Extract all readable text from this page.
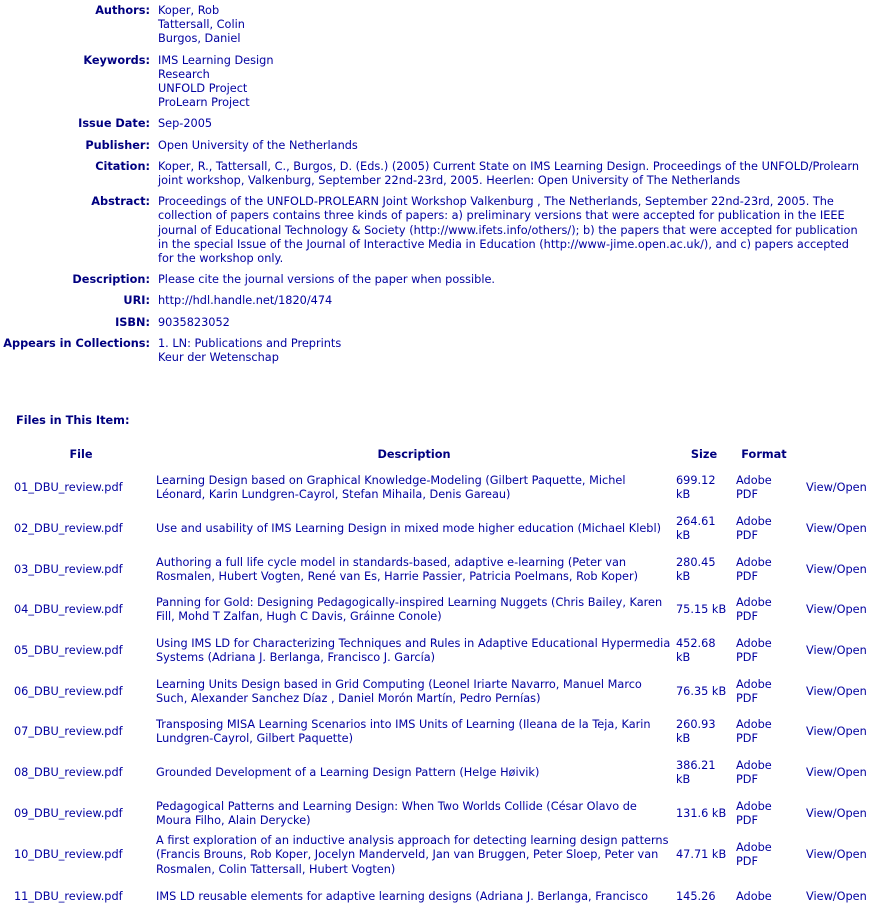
Authors:	Koper, Rob
Tattersall, Colin
Burgos, Daniel

Keywords:	IMS Learning Design
Research
UNFOLD Project
ProLearn Project

Issue Date:	Sep-2005

Publisher:	Open University of the Netherlands

Citation:	Koper, R., Tattersall, C., Burgos, D. (Eds.) (2005) Current State on IMS Learning Design. Proceedings of the UNFOLD/Prolearn joint workshop, Valkenburg, September 22nd-23rd, 2005. Heerlen: Open University of The Netherlands

Abstract:	Proceedings of the UNFOLD-PROLEARN Joint Workshop Valkenburg , The Netherlands, September 22nd-23rd, 2005. The collection of papers contains three kinds of papers: a) preliminary versions that were accepted for publication in the IEEE journal of Educational Technology & Society (http://www.ifets.info/others/); b) the papers that were accepted for publication in the special Issue of the Journal of Interactive Media in Education (http://www-jime.open.ac.uk/), and c) papers accepted for the workshop only.

Description:	Please cite the journal versions of the paper when possible.

URI:	http://hdl.handle.net/1820/474

ISBN:	9035823052

Appears in Collections:	1. LN: Publications and Preprints
Keur der Wetenschap
Files in This Item:
File	Description	Size	Format	
01_DBU_review.pdf	Learning Design based on Graphical Knowledge-Modeling (Gilbert Paquette, Michel Léonard, Karin Lundgren-Cayrol, Stefan Mihaila, Denis Gareau)	699.12 kB	Adobe PDF	View/Open
02_DBU_review.pdf	Use and usability of IMS Learning Design in mixed mode higher education (Michael Klebl)	264.61 kB	Adobe PDF	View/Open
03_DBU_review.pdf	Authoring a full life cycle model in standards-based, adaptive e-learning (Peter van Rosmalen, Hubert Vogten, René van Es, Harrie Passier, Patricia Poelmans, Rob Koper)	280.45 kB	Adobe PDF	View/Open
04_DBU_review.pdf	Panning for Gold: Designing Pedagogically-inspired Learning Nuggets (Chris Bailey, Karen Fill, Mohd T Zalfan, Hugh C Davis, Gráinne Conole)	75.15 kB	Adobe PDF	View/Open
05_DBU_review.pdf	Using IMS LD for Characterizing Techniques and Rules in Adaptive Educational Hypermedia Systems (Adriana J. Berlanga, Francisco J. García)	452.68 kB	Adobe PDF	View/Open
06_DBU_review.pdf	Learning Units Design based in Grid Computing (Leonel Iriarte Navarro, Manuel Marco Such, Alexander Sanchez Díaz , Daniel Morón Martín, Pedro Pernías)	76.35 kB	Adobe PDF	View/Open
07_DBU_review.pdf	Transposing MISA Learning Scenarios into IMS Units of Learning (Ileana de la Teja, Karin Lundgren-Cayrol, Gilbert Paquette)	260.93 kB	Adobe PDF	View/Open
08_DBU_review.pdf	Grounded Development of a Learning Design Pattern (Helge Høivik)	386.21 kB	Adobe PDF	View/Open
09_DBU_review.pdf	Pedagogical Patterns and Learning Design: When Two Worlds Collide (César Olavo de Moura Filho, Alain Derycke)	131.6 kB	Adobe PDF	View/Open
10_DBU_review.pdf	A first exploration of an inductive analysis approach for detecting learning design patterns (Francis Brouns, Rob Koper, Jocelyn Manderveld, Jan van Bruggen, Peter Sloep, Peter van Rosmalen, Colin Tattersall, Hubert Vogten)	47.71 kB	Adobe PDF	View/Open
11_DBU_review.pdf	IMS LD reusable elements for adaptive learning designs (Adriana J. Berlanga, Francisco	145.26	Adobe	View/Open
